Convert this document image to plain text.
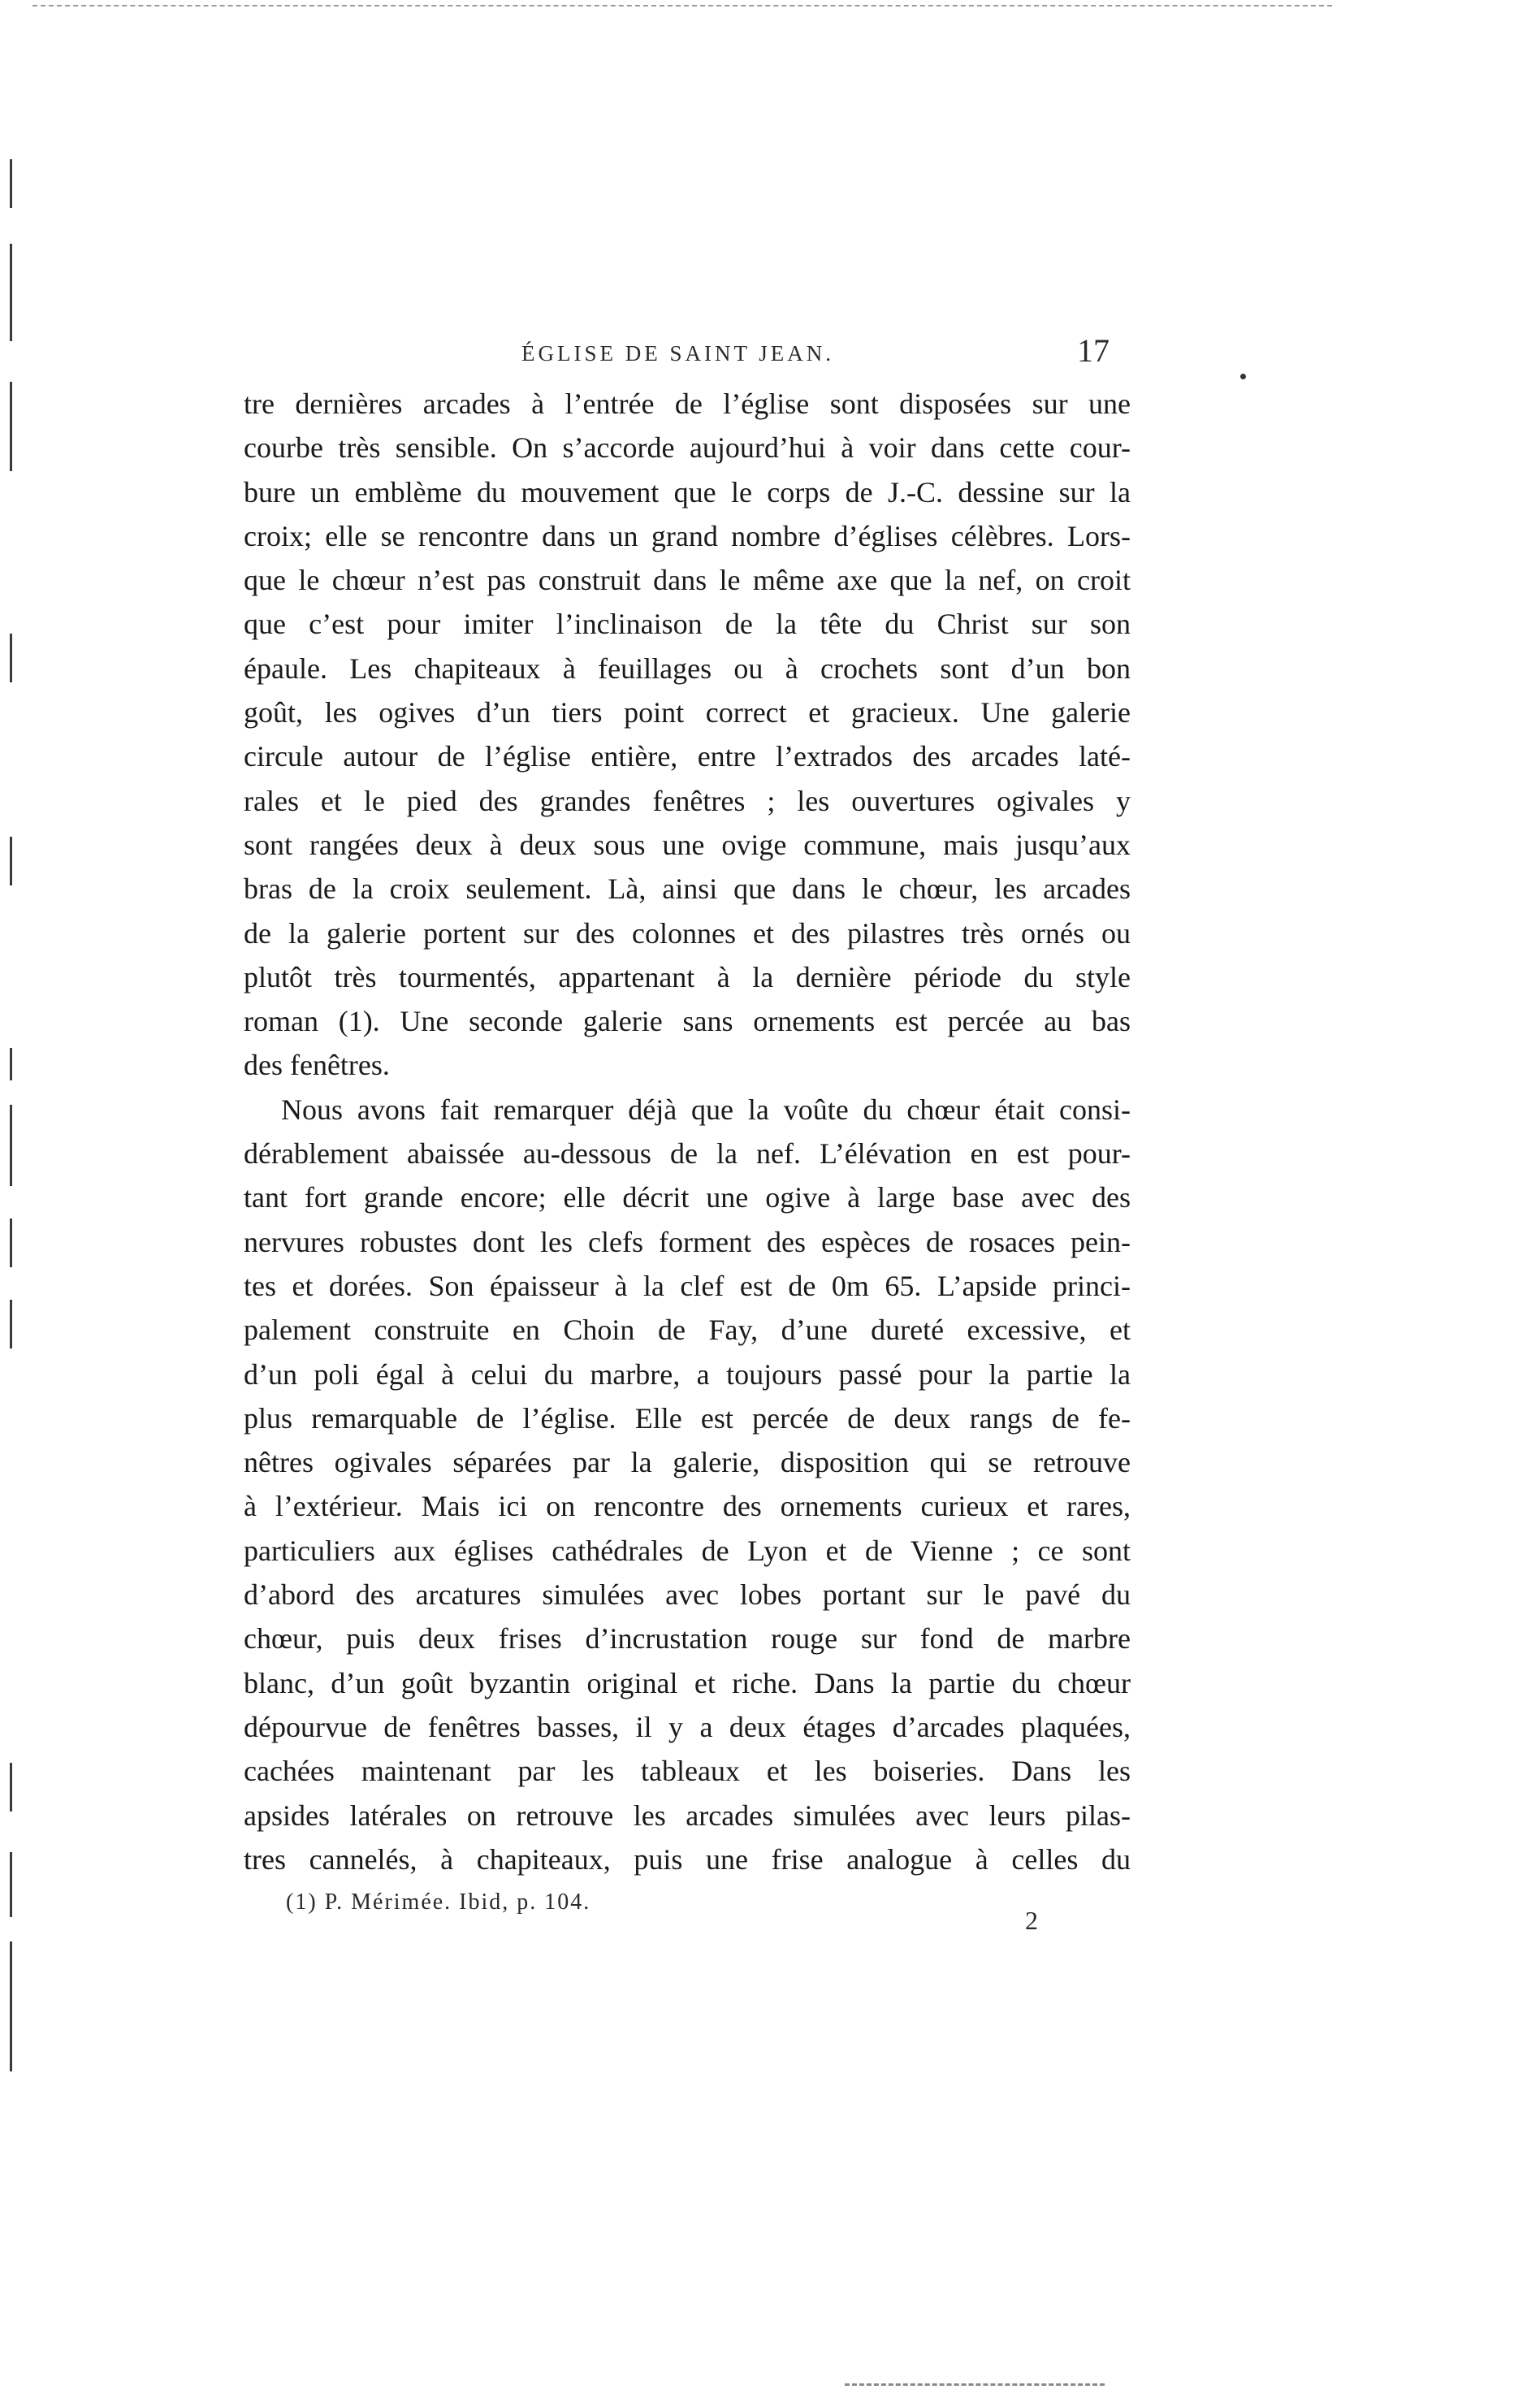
ÉGLISE DE SAINT JEAN.	17
tre dernières arcades à l’entrée de l’église sont disposées sur une
courbe très sensible. On s’accorde aujourd’hui à voir dans cette cour-
bure un emblème du mouvement que le corps de J.-C. dessine sur la
croix; elle se rencontre dans un grand nombre d’églises célèbres. Lors-
que le chœur n’est pas construit dans le même axe que la nef, on croit
que c’est pour imiter l’inclinaison de la tête du Christ sur son
épaule. Les chapiteaux à feuillages ou à crochets sont d’un bon
goût, les ogives d’un tiers point correct et gracieux. Une galerie
circule autour de l’église entière, entre l’extrados des arcades laté-
rales et le pied des grandes fenêtres ; les ouvertures ogivales y
sont rangées deux à deux sous une ovige commune, mais jusqu’aux
bras de la croix seulement. Là, ainsi que dans le chœur, les arcades
de la galerie portent sur des colonnes et des pilastres très ornés ou
plutôt très tourmentés, appartenant à la dernière période du style
roman (1). Une seconde galerie sans ornements est percée au bas
des fenêtres.
Nous avons fait remarquer déjà que la voûte du chœur était consi-
dérablement abaissée au-dessous de la nef. L’élévation en est pour-
tant fort grande encore; elle décrit une ogive à large base avec des
nervures robustes dont les clefs forment des espèces de rosaces pein-
tes et dorées. Son épaisseur à la clef est de 0m 65. L’apside princi-
palement construite en Choin de Fay, d’une dureté excessive, et
d’un poli égal à celui du marbre, a toujours passé pour la partie la
plus remarquable de l’église. Elle est percée de deux rangs de fe-
nêtres ogivales séparées par la galerie, disposition qui se retrouve
à l’extérieur. Mais ici on rencontre des ornements curieux et rares,
particuliers aux églises cathédrales de Lyon et de Vienne ; ce sont
d’abord des arcatures simulées avec lobes portant sur le pavé du
chœur, puis deux frises d’incrustation rouge sur fond de marbre
blanc, d’un goût byzantin original et riche. Dans la partie du chœur
dépourvue de fenêtres basses, il y a deux étages d’arcades plaquées,
cachées maintenant par les tableaux et les boiseries. Dans les
apsides latérales on retrouve les arcades simulées avec leurs pilas-
tres cannelés, à chapiteaux, puis une frise analogue à celles du
(1) P. Mérimée. Ibid, p. 104.
2
